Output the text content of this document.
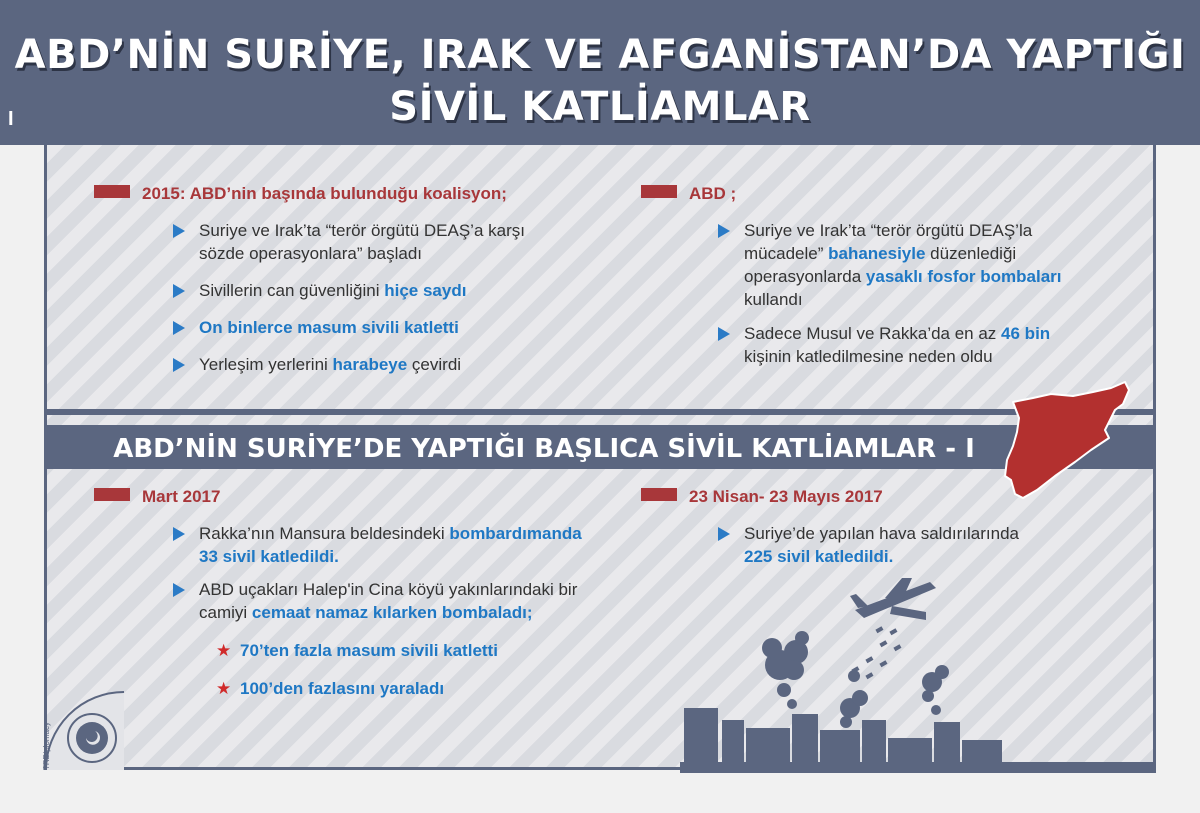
ABD’NİN SURİYE, IRAK VE AFGANİSTAN’DA YAPTIĞI
SİVİL KATLİAMLAR
I
ABD’NİN SURİYE’DE YAPTIĞI BAŞLICA SİVİL KATLİAMLAR - I
2015: ABD’nin başında bulunduğu koalisyon;
Suriye ve Irak’ta “terör örgütü DEAŞ’a karşı
sözde operasyonlara” başladı
Sivillerin can güvenliğini hiçe saydı
On binlerce masum sivili katletti
Yerleşim yerlerini harabeye çevirdi
ABD ;
Suriye ve Irak’ta “terör örgütü DEAŞ’la
mücadele” bahanesiyle düzenlediği
operasyonlarda yasaklı fosfor bombaları
kullandı
Sadece Musul ve Rakka’da en az 46 bin
kişinin katledilmesine neden oldu
Mart 2017
Rakka’nın Mansura beldesindeki bombardımanda
33 sivil katledildi.
ABD uçakları Halep'in Cina köyü yakınlarındaki bir
camiyi cemaat namaz kılarken bombaladı;
★ 70’ten fazla masum sivili katletti
★ 100’den fazlasını yaraladı
23 Nisan- 23 Mayıs 2017
Suriye’de yapılan hava saldırılarında
225 sivil katledildi.
TRDiplomacy
